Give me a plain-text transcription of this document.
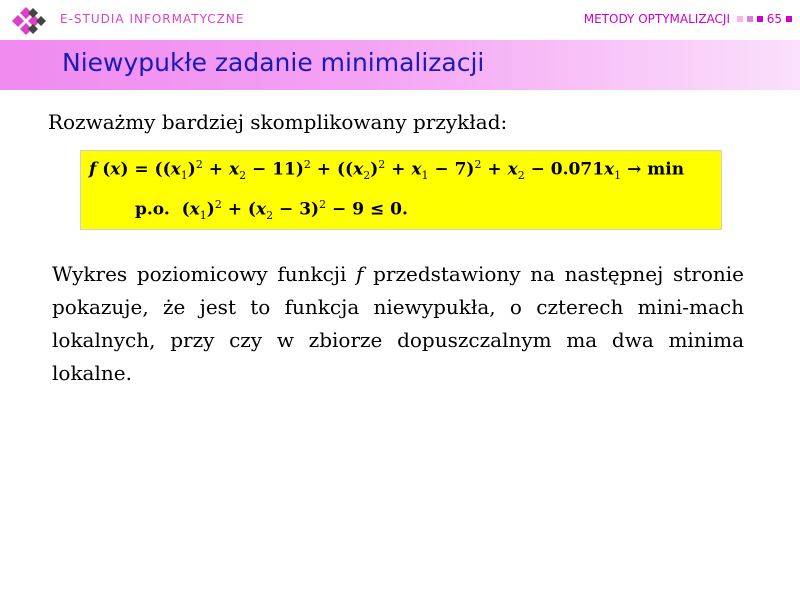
E-STUDIA INFORMATYCZNE	METODY OPTYMALIZACJI	65
Niewypukłe zadanie minimalizacji
Rozważmy bardziej skomplikowany przykład:
f $(x) = ((x_1)^2 + x_2 - 11)^2 + ((x_2)^2 + x_1 - 7)^2 + x_2 - 0.071x_1 \to \min$
p.o.  $(x_1)^2 + (x_2 - 3)^2 - 9 \le 0$.
Wykres poziomicowy funkcji f przedstawiony na następnej stronie pokazuje, że jest to funkcja niewypukła, o czterech mini-mach lokalnych, przy czy w zbiorze dopuszczalnym ma dwa minima lokalne.
